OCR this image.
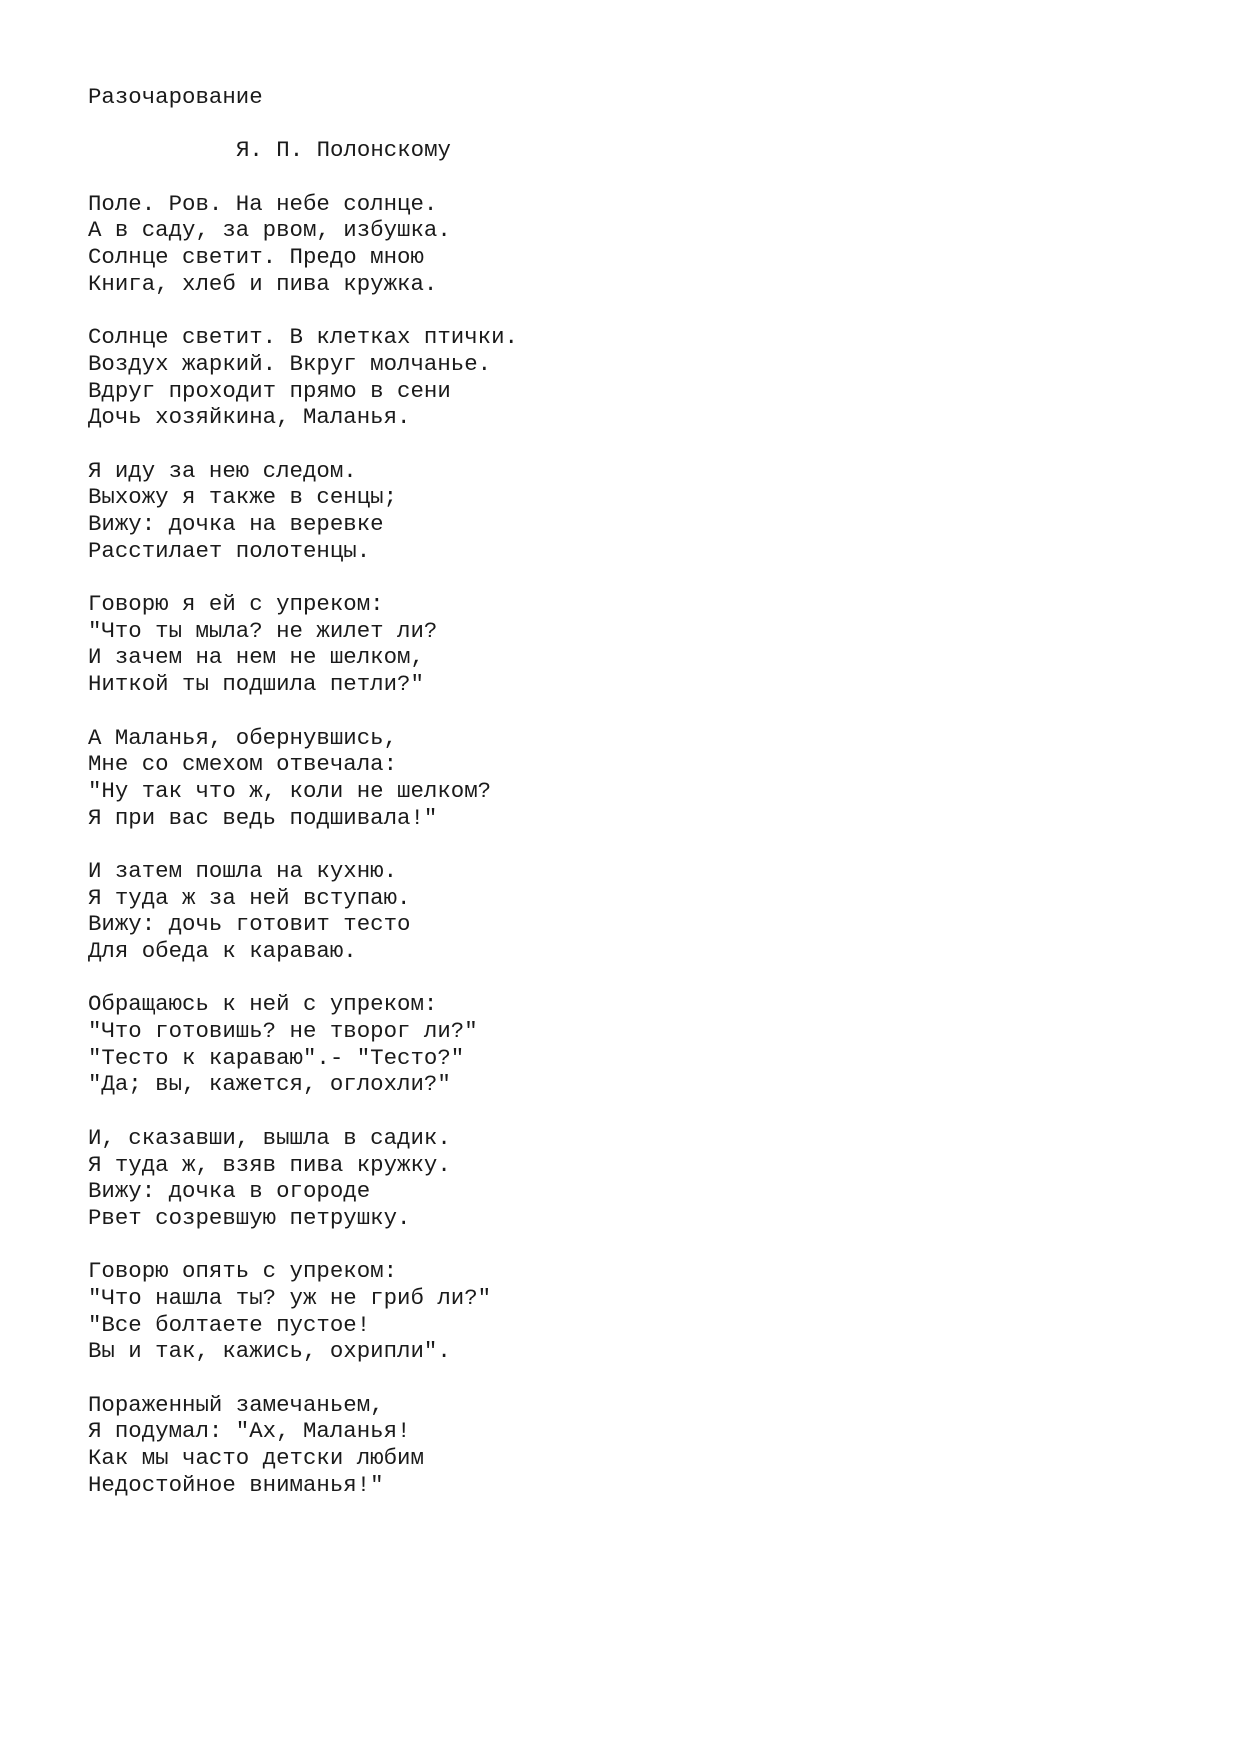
Разочарование
Я. П. Полонскому
Поле. Ров. На небе солнце.
А в саду, за рвом, избушка.
Солнце светит. Предо мною
Книга, хлеб и пива кружка.
Солнце светит. В клетках птички.
Воздух жаркий. Вкруг молчанье.
Вдруг проходит прямо в сени
Дочь хозяйкина, Маланья.
Я иду за нею следом.
Выхожу я также в сенцы;
Вижу: дочка на веревке
Расстилает полотенцы.
Говорю я ей с упреком:
"Что ты мыла? не жилет ли?
И зачем на нем не шелком,
Ниткой ты подшила петли?"
А Маланья, обернувшись,
Мне со смехом отвечала:
"Ну так что ж, коли не шелком?
Я при вас ведь подшивала!"
И затем пошла на кухню.
Я туда ж за ней вступаю.
Вижу: дочь готовит тесто
Для обеда к караваю.
Обращаюсь к ней с упреком:
"Что готовишь? не творог ли?"
"Тесто к караваю".- "Тесто?"
"Да; вы, кажется, оглохли?"
И, сказавши, вышла в садик.
Я туда ж, взяв пива кружку.
Вижу: дочка в огороде
Рвет созревшую петрушку.
Говорю опять с упреком:
"Что нашла ты? уж не гриб ли?"
"Все болтаете пустое!
Вы и так, кажись, охрипли".
Пораженный замечаньем,
Я подумал: "Ах, Маланья!
Как мы часто детски любим
Недостойное вниманья!"
